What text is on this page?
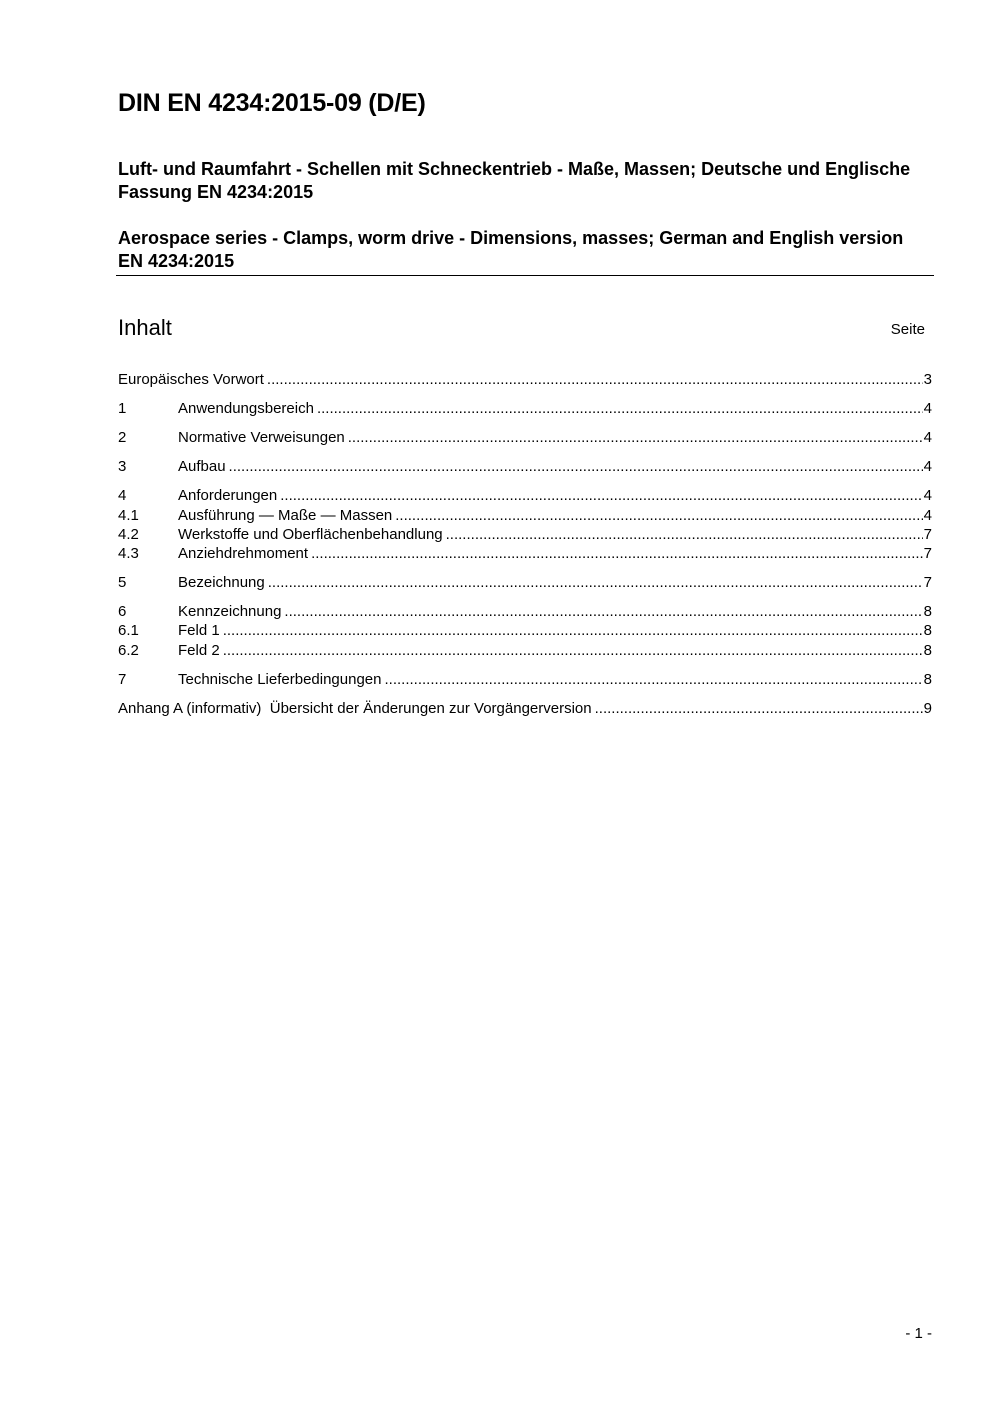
DIN EN 4234:2015-09 (D/E)
Luft- und Raumfahrt - Schellen mit Schneckentrieb - Maße, Massen; Deutsche und Englische Fassung EN 4234:2015
Aerospace series - Clamps, worm drive - Dimensions, masses; German and English version EN 4234:2015
Inhalt	Seite
Europäisches Vorwort .....	3
1	Anwendungsbereich .....	4
2	Normative Verweisungen .....	4
3	Aufbau .....	4
4	Anforderungen .....	4
4.1	Ausführung — Maße — Massen .....	4
4.2	Werkstoffe und Oberflächenbehandlung .....	7
4.3	Anziehdrehmoment .....	7
5	Bezeichnung .....	7
6	Kennzeichnung .....	8
6.1	Feld 1 .....	8
6.2	Feld 2 .....	8
7	Technische Lieferbedingungen .....	8
Anhang A (informativ)  Übersicht der Änderungen zur Vorgängerversion .....	9
- 1 -
